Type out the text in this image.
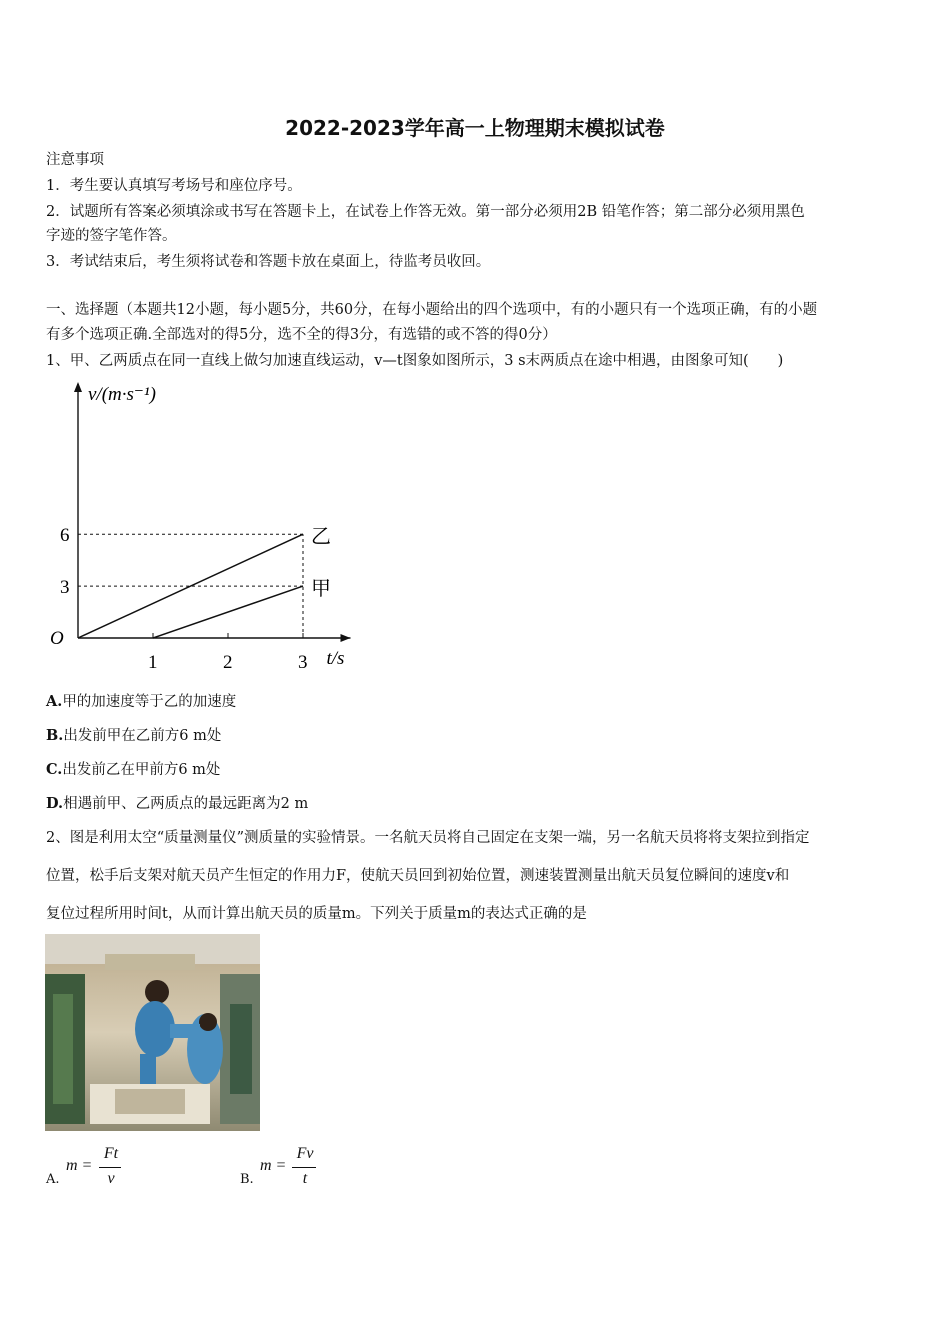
2022-2023学年高一上物理期末模拟试卷
注意事项
1．考生要认真填写考场号和座位序号。
2．试题所有答案必须填涂或书写在答题卡上，在试卷上作答无效。第一部分必须用2B 铅笔作答；第二部分必须用黑色
字迹的签字笔作答。
3．考试结束后，考生须将试卷和答题卡放在桌面上，待监考员收回。
一、选择题（本题共12小题，每小题5分，共60分，在每小题给出的四个选项中，有的小题只有一个选项正确，有的小题
有多个选项正确.全部选对的得5分，选不全的得3分，有选错的或不答的得0分）
1、甲、乙两质点在同一直线上做匀加速直线运动，v—t图象如图所示，3 s末两质点在途中相遇，由图象可知(　　)
v/(m·s⁻¹)
t/s
O
1	2	3
3
6	乙
甲
A.甲的加速度等于乙的加速度
B.出发前甲在乙前方6 m处
C.出发前乙在甲前方6 m处
D.相遇前甲、乙两质点的最远距离为2 m
2、图是利用太空“质量测量仪”测质量的实验情景。一名航天员将自己固定在支架一端，另一名航天员将将支架拉到指定
位置，松手后支架对航天员产生恒定的作用力F，使航天员回到初始位置，测速装置测量出航天员复位瞬间的速度v和
复位过程所用时间t，从而计算出航天员的质量m。下列关于质量m的表达式正确的是
A.
m =
Ft
v	B.
m =
Fv
t
